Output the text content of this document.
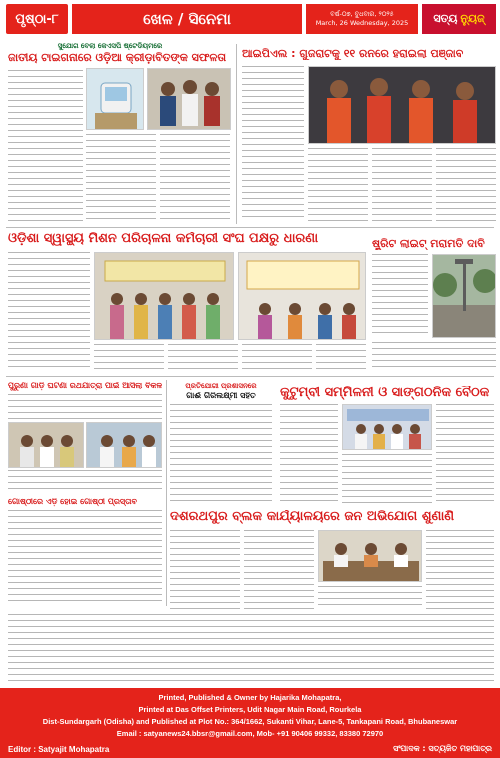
ପୃଷ୍ଠା-୮	ଖେଳ / ସିନେମା	ବର୍ଷ-୦୭, ବୁଧବାର, ୨୦୨୫
March, 26 Wednesday, 2025 ସତ୍ୟ ନ୍ୟୁଜ୍
ସୁଯୋଗ ବେଲା କେଏସପି ଷ୍ଟେଡିୟମରେ
ଜାତୀୟ ଟାଇଗନାରେ ଓଡ଼ିଆ କ୍ରୀଡ଼ାବିତଙ୍କ ସଫଳତା	ଆଇପିଏଲ : ଗୁଜରାଟକୁ ୧୧ ରନରେ ହରାଇଲା ପଞ୍ଜାବ
ଓଡ଼ିଶା ସ୍ୱାସ୍ଥ୍ୟ ମିଶନ ପରିଚାଳନା କର୍ମଚାରୀ ସଂଘ ପକ୍ଷରୁ ଧାରଣା	ଷ୍ଟ୍ରିଟ ଲାଇଟ୍ ମରାମତି ଦାବି
ପୁରୁଣା ଗାଡ଼ି ଘଟଣା ରଥଯାତ୍ରା ପାଇଁ ଆସିଲା ବିକଳ
ଗୋଷ୍ଠୀରେ ଏଡ଼ି ହୋଇ ଗୋଷ୍ଠୀ ପ୍ରସ୍ତାବ
ପ୍ରତିଯୋଗୀ ପ୍ରଶାସନରେ
ଗାଈଁ ଗିରିଲକ୍ଷ୍ମୀ ସହିତ	କୁଟୁମ୍ବୀ ସମ୍ମିଳନୀ ଓ ସାଙ୍ଗଠନିକ ବୈଠକ
ଦଶରଥପୁର ବ୍ଲକ କାର୍ଯ୍ୟାଳୟରେ ଜନ ଅଭିଯୋଗ ଶୁଣାଣି
Printed, Published & Owner by Hajarika Mohapatra,
Printed at Das Offset Printers, Udit Nagar Main Road, Rourkela
Dist-Sundargarh (Odisha) and Published at Plot No.: 364/1662, Sukanti Vihar, Lane-5, Tankapani Road, Bhubaneswar
Email : satyanews24.bbsr@gmail.com, Mob- +91 90406 99332, 83380 72970
Editor : Satyajit Mohapatra	ସଂପାଦକ : ସତ୍ୟଜିତ ମହାପାତ୍ର
